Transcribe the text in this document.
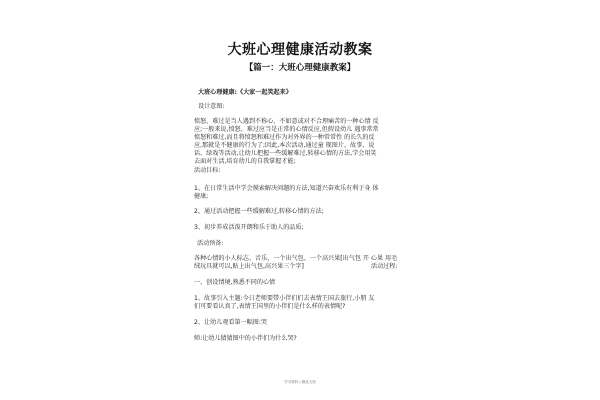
大班心理健康活动教案
【篇一：大班心理健康教案】
大班心理健康:《大家一起笑起来》
设计意图:
愤怒、难过是当人遇到不称心、不如意或对不合理痛苦的一种心情 反
应;一般来说,愤怒、难过应当是正常的心情反应,但假设幼儿 遇事常常
愤怒和难过,而且将愤怒和难过作为对外界的一种常常性 的长久的反
应,那就是不健康的行为了;因此,本次活动,通过童 现图片、故事、说
话、绿戏等活动,让幼儿把握一些缓解难过,转移心情的方法,学会用笑
去面对生活,培育幼儿的自我掌握才能;
活动目标:
1、在日常生活中学会摸索解决问题的方法,知道兴奋欢乐有利于身 体
健康;
2、通过活动把握一些缓解难过,转移心情的方法;
3、初步养成活泼开朗和乐于助人的品质;
活动预备:
各种心情的小人标志、音乐、一个出气包、一个高兴果[出气包 开 心果 用毛
绒玩具就可以,贴上出气包,高兴果三个字]	活动过程:
一、创设情境,熟悉不同的心情
1、故事引入主题:今日老师要带小伴们们去表情王国去旅行,小朋 友
们可要看认真了,表情王国里的小伴们是什么样的表情呢?
2、让幼儿观看第一幅图:哭
师:让幼儿猜猜图中的小伴们为什么哭?
学习资料 | 精品文档
